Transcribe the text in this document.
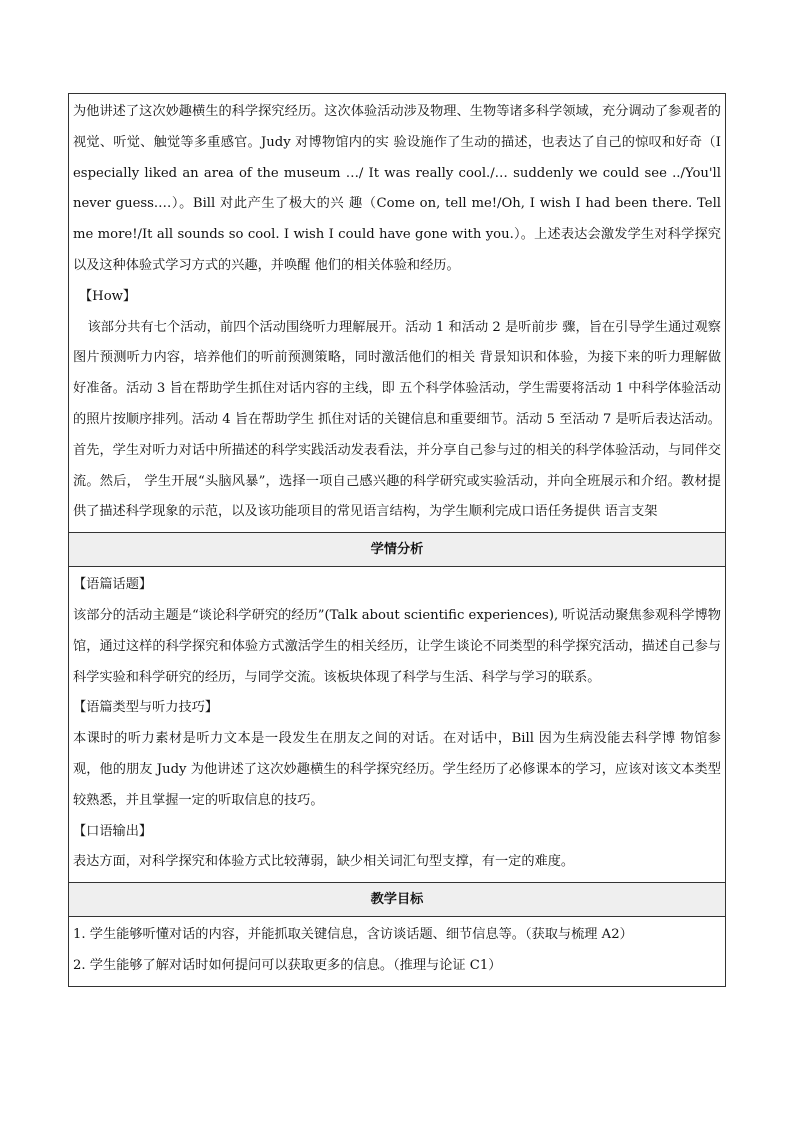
为他讲述了这次妙趣横生的科学探究经历。这次体验活动涉及物理、生物等诸多科学领域，充分调动了参观者的视觉、听觉、触觉等多重感官。Judy 对博物馆内的实 验设施作了生动的描述，也表达了自己的惊叹和好奇（I especially liked an area of the museum …/ It was really cool./… suddenly we could see ../You'll never guess.…）。Bill 对此产生了极大的兴 趣（Come on, tell me!/Oh, I wish I had been there. Tell me more!/It all sounds so cool. I wish I could have gone with you.）。上述表达会激发学生对科学探究以及这种体验式学习方式的兴趣，并唤醒 他们的相关体验和经历。

【How】

该部分共有七个活动，前四个活动围绕听力理解展开。活动 1 和活动 2 是听前步 骤，旨在引导学生通过观察图片预测听力内容，培养他们的听前预测策略，同时激活他们的相关 背景知识和体验，为接下来的听力理解做好准备。活动 3 旨在帮助学生抓住对话内容的主线，即 五个科学体验活动，学生需要将活动 1 中科学体验活动的照片按顺序排列。活动 4 旨在帮助学生 抓住对话的关键信息和重要细节。活动 5 至活动 7 是听后表达活动。首先，学生对听力对话中所描述的科学实践活动发表看法，并分享自己参与过的相关的科学体验活动，与同伴交流。然后， 学生开展“头脑风暴”，选择一项自己感兴趣的科学研究或实验活动，并向全班展示和介绍。教材提供了描述科学现象的示范，以及该功能项目的常见语言结构，为学生顺利完成口语任务提供 语言支架

学情分析
【语篇话题】

该部分的活动主题是“谈论科学研究的经历”(Talk about scientific experiences), 听说活动聚焦参观科学博物馆，通过这样的科学探究和体验方式激活学生的相关经历，让学生谈论不同类型的科学探究活动，描述自己参与科学实验和科学研究的经历，与同学交流。该板块体现了科学与生活、科学与学习的联系。

【语篇类型与听力技巧】

本课时的听力素材是听力文本是一段发生在朋友之间的对话。在对话中，Bill 因为生病没能去科学博 物馆参观，他的朋友 Judy 为他讲述了这次妙趣横生的科学探究经历。学生经历了必修课本的学习，应该对该文本类型较熟悉，并且掌握一定的听取信息的技巧。

【口语输出】

表达方面，对科学探究和体验方式比较薄弱，缺少相关词汇句型支撑，有一定的难度。

教学目标

1. 学生能够听懂对话的内容，并能抓取关键信息，含访谈话题、细节信息等。（获取与梳理 A2）

2. 学生能够了解对话时如何提问可以获取更多的信息。（推理与论证 C1）
